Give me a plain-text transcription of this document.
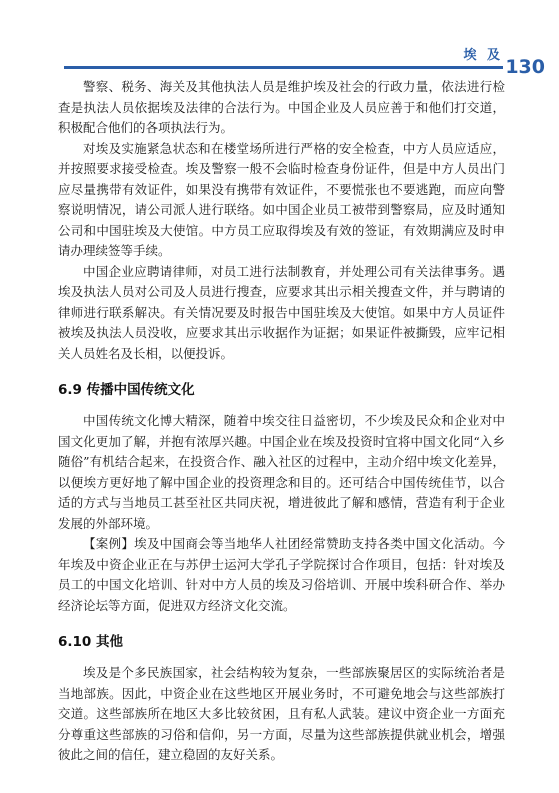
埃 及
130

警察、税务、海关及其他执法人员是维护埃及社会的行政力量，依法进行检查是执法人员依据埃及法律的合法行为。中国企业及人员应善于和他们打交道，积极配合他们的各项执法行为。

对埃及实施紧急状态和在楼堂场所进行严格的安全检查，中方人员应适应，并按照要求接受检查。埃及警察一般不会临时检查身份证件，但是中方人员出门应尽量携带有效证件，如果没有携带有效证件，不要慌张也不要逃跑，而应向警察说明情况，请公司派人进行联络。如中国企业员工被带到警察局，应及时通知公司和中国驻埃及大使馆。中方员工应取得埃及有效的签证，有效期满应及时申请办理续签等手续。

中国企业应聘请律师，对员工进行法制教育，并处理公司有关法律事务。遇埃及执法人员对公司及人员进行搜查，应要求其出示相关搜查文件，并与聘请的律师进行联系解决。有关情况要及时报告中国驻埃及大使馆。如果中方人员证件被埃及执法人员没收，应要求其出示收据作为证据；如果证件被撕毁，应牢记相关人员姓名及长相，以便投诉。

6.9 传播中国传统文化

中国传统文化博大精深，随着中埃交往日益密切，不少埃及民众和企业对中国文化更加了解，并抱有浓厚兴趣。中国企业在埃及投资时宜将中国文化同“入乡随俗”有机结合起来，在投资合作、融入社区的过程中，主动介绍中埃文化差异，以便埃方更好地了解中国企业的投资理念和目的。还可结合中国传统佳节，以合适的方式与当地员工甚至社区共同庆祝，增进彼此了解和感情，营造有利于企业发展的外部环境。

【案例】埃及中国商会等当地华人社团经常赞助支持各类中国文化活动。今年埃及中资企业正在与苏伊士运河大学孔子学院探讨合作项目，包括：针对埃及员工的中国文化培训、针对中方人员的埃及习俗培训、开展中埃科研合作、举办经济论坛等方面，促进双方经济文化交流。

6.10 其他

埃及是个多民族国家，社会结构较为复杂，一些部族聚居区的实际统治者是当地部族。因此，中资企业在这些地区开展业务时，不可避免地会与这些部族打交道。这些部族所在地区大多比较贫困，且有私人武装。建议中资企业一方面充分尊重这些部族的习俗和信仰，另一方面，尽量为这些部族提供就业机会，增强彼此之间的信任，建立稳固的友好关系。
